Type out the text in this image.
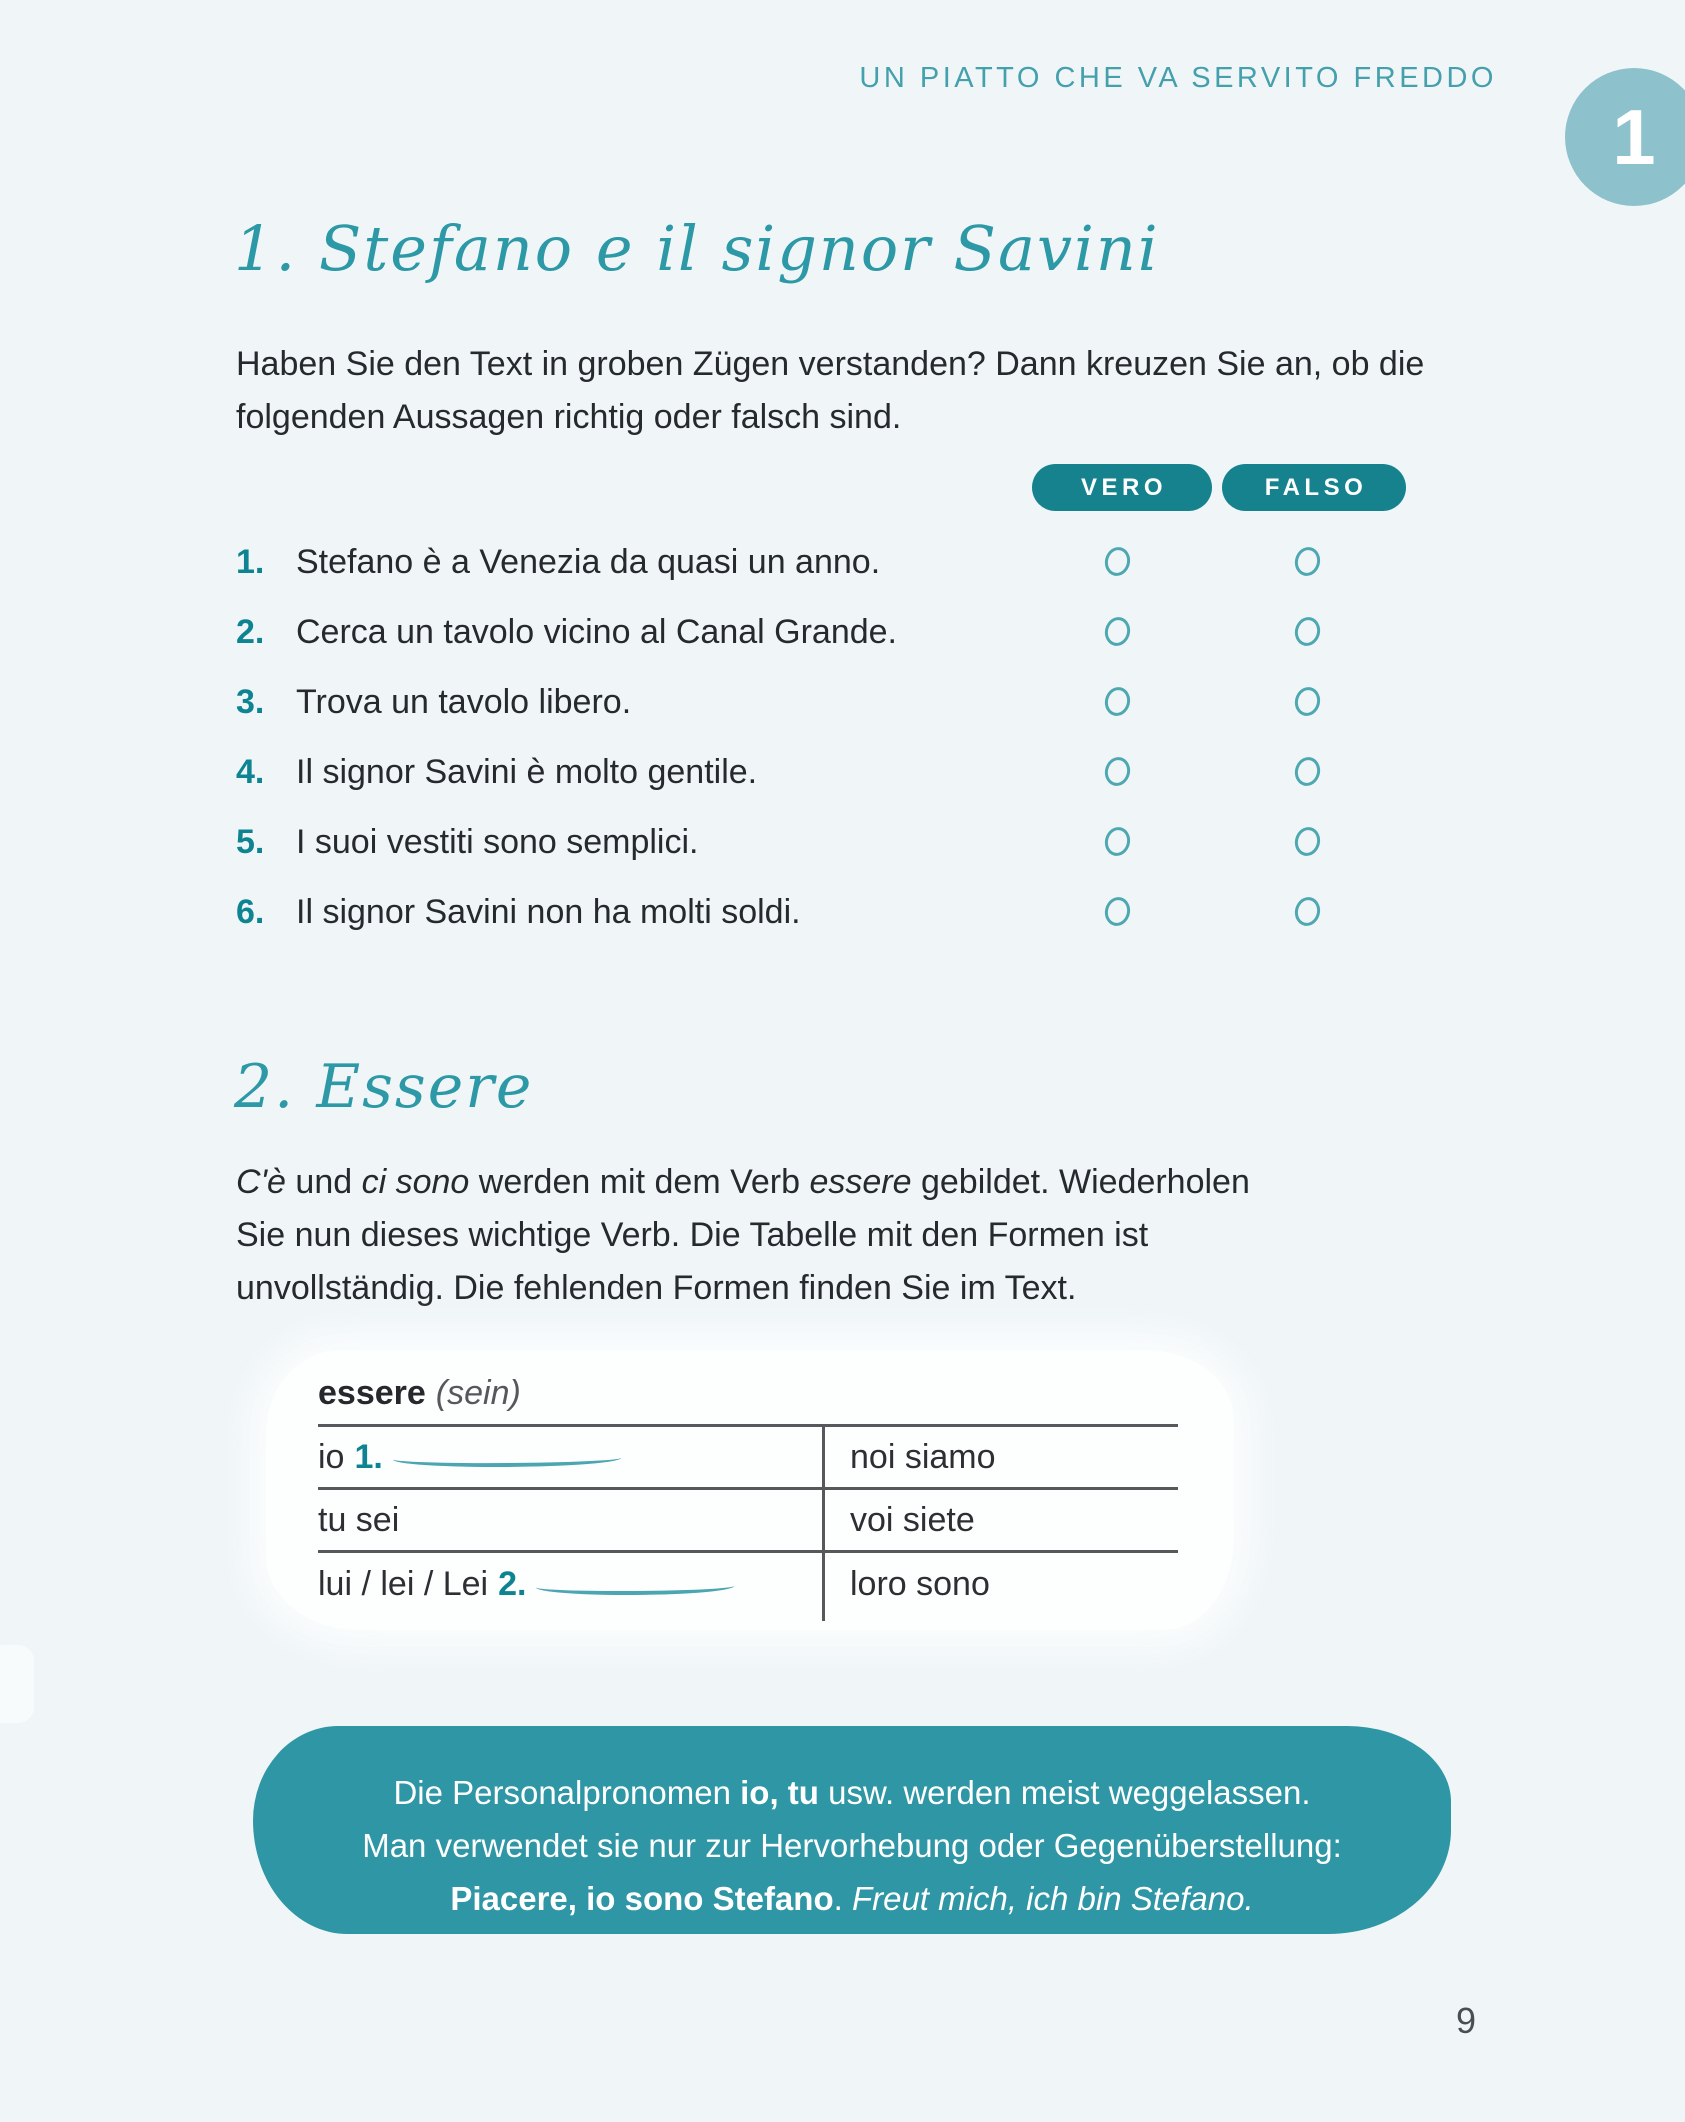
UN PIATTO CHE VA SERVITO FREDDO
1
1. Stefano e il signor Savini

Haben Sie den Text in groben Zügen verstanden? Dann kreuzen Sie an, ob die
folgenden Aussagen richtig oder falsch sind.

VERO	FALSO
1. Stefano è a Venezia da quasi un anno.
2. Cerca un tavolo vicino al Canal Grande.
3. Trova un tavolo libero.
4. Il signor Savini è molto gentile.
5. I suoi vestiti sono semplici.
6. Il signor Savini non ha molti soldi.
2. Essere

C'è und ci sono werden mit dem Verb essere gebildet. Wiederholen
Sie nun dieses wichtige Verb. Die Tabelle mit den Formen ist
unvollständig. Die fehlenden Formen finden Sie im Text.

essere (sein)
io 1.	noi siamo
tu sei	voi siete
lui / lei / Lei 2.	loro sono
Die Personalpronomen io, tu usw. werden meist weggelassen.
Man verwendet sie nur zur Hervorhebung oder Gegenüberstellung:
Piacere, io sono Stefano. Freut mich, ich bin Stefano.
9
